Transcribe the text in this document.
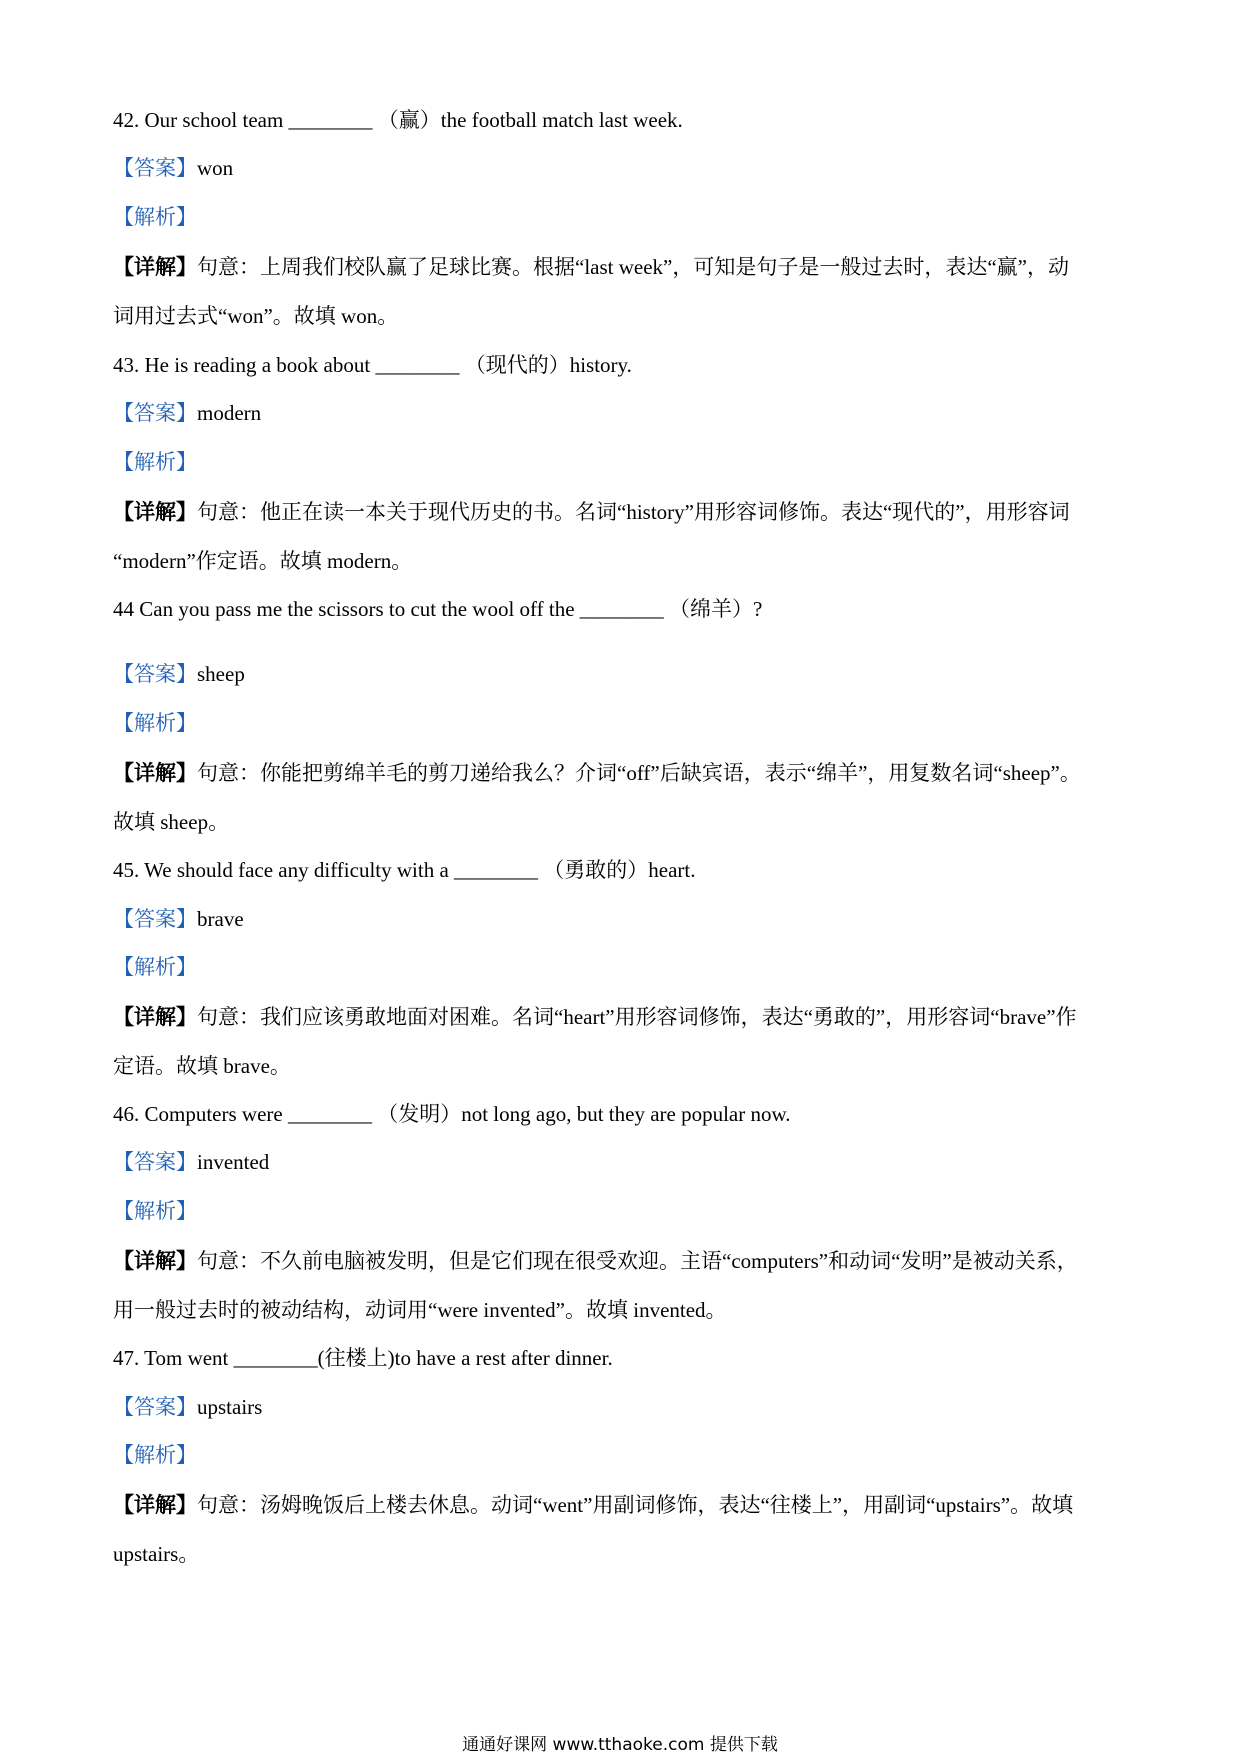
42. Our school team ________ （赢）the football match last week.
【答案】won
【解析】
【详解】句意：上周我们校队赢了足球比赛。根据“last week”，可知是句子是一般过去时，表达“赢”，动
词用过去式“won”。故填 won。
43. He is reading a book about ________ （现代的）history.
【答案】modern
【解析】
【详解】句意：他正在读一本关于现代历史的书。名词“history”用形容词修饰。表达“现代的”，用形容词
“modern”作定语。故填 modern。
44 Can you pass me the scissors to cut the wool off the ________ （绵羊）?
【答案】sheep
【解析】
【详解】句意：你能把剪绵羊毛的剪刀递给我么？介词“off”后缺宾语，表示“绵羊”，用复数名词“sheep”。
故填 sheep。
45. We should face any difficulty with a ________ （勇敢的）heart.
【答案】brave
【解析】
【详解】句意：我们应该勇敢地面对困难。名词“heart”用形容词修饰，表达“勇敢的”，用形容词“brave”作
定语。故填 brave。
46. Computers were ________ （发明）not long ago, but they are popular now.
【答案】invented
【解析】
【详解】句意：不久前电脑被发明，但是它们现在很受欢迎。主语“computers”和动词“发明”是被动关系，
用一般过去时的被动结构，动词用“were invented”。故填 invented。
47. Tom went ________(往楼上)to have a rest after dinner.
【答案】upstairs
【解析】
【详解】句意：汤姆晚饭后上楼去休息。动词“went”用副词修饰，表达“往楼上”，用副词“upstairs”。故填
upstairs。
通通好课网 www.tthaoke.com 提供下载
